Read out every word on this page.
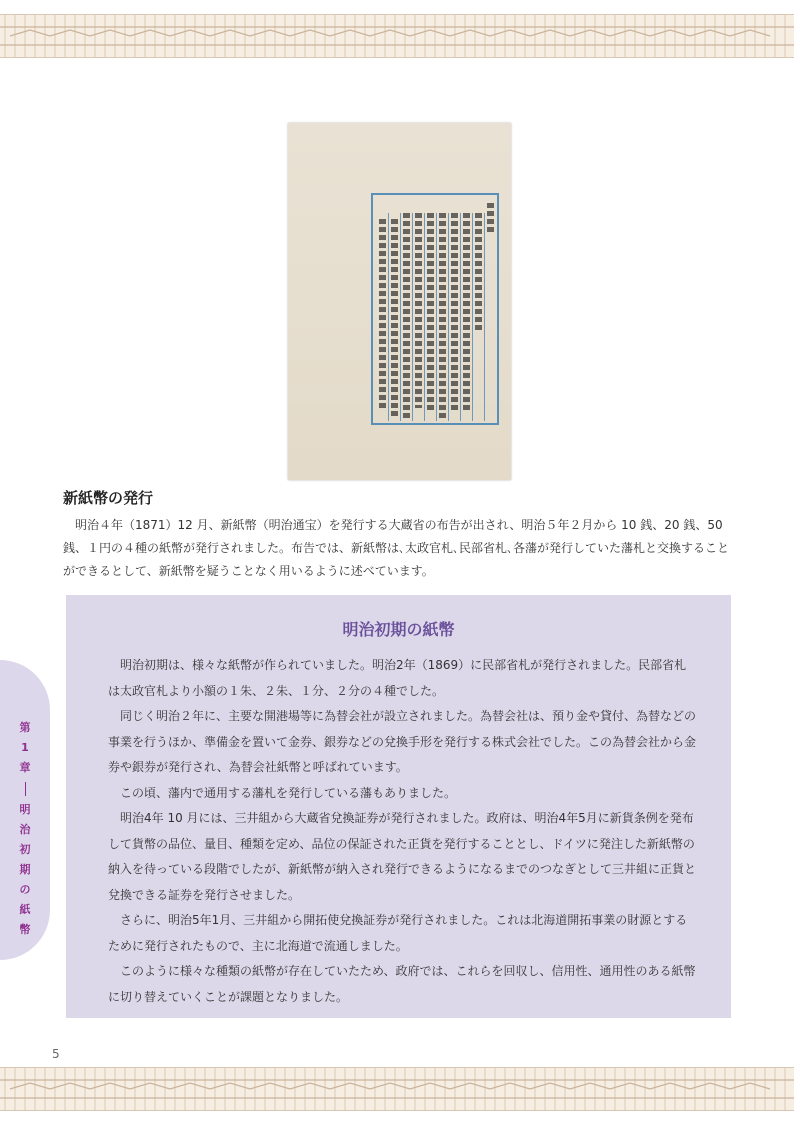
新紙幣の発行

　明治４年（1871）12 月、新紙幣（明治通宝）を発行する大蔵省の布告が出され、明治５年２月から 10 銭、20 銭、50 銭、１円の４種の紙幣が発行されました。布告では、新紙幣は､太政官札､民部省札､各藩が発行していた藩札と交換することができるとして、新紙幣を疑うことなく用いるように述べています。

第
1
章
明
治
初
期
の
紙
幣
明治初期の紙幣

明治初期は、様々な紙幣が作られていました。明治2年（1869）に民部省札が発行されました。民部省札は太政官札より小額の１朱、２朱、１分、２分の４種でした。

同じく明治２年に、主要な開港場等に為替会社が設立されました。為替会社は、預り金や貸付、為替などの事業を行うほか、準備金を置いて金券、銀券などの兌換手形を発行する株式会社でした。この為替会社から金券や銀券が発行され、為替会社紙幣と呼ばれています。

この頃、藩内で通用する藩札を発行している藩もありました。

明治4年 10 月には、三井組から大蔵省兌換証券が発行されました。政府は、明治4年5月に新貨条例を発布して貨幣の品位、量目、種類を定め、品位の保証された正貨を発行することとし、ドイツに発注した新紙幣の納入を待っている段階でしたが、新紙幣が納入され発行できるようになるまでのつなぎとして三井組に正貨と兌換できる証券を発行させました。

さらに、明治5年1月、三井組から開拓使兌換証券が発行されました。これは北海道開拓事業の財源とするために発行されたもので、主に北海道で流通しました。

このように様々な種類の紙幣が存在していたため、政府では、これらを回収し、信用性、通用性のある紙幣に切り替えていくことが課題となりました。

5
